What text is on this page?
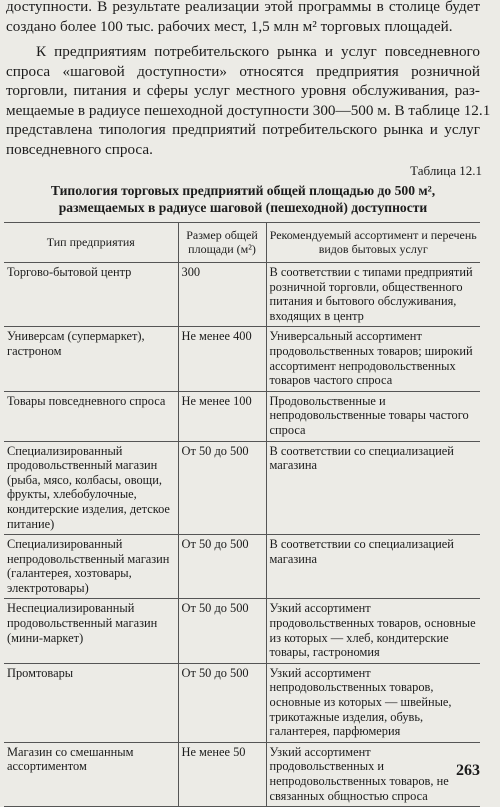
доступности. В результате реализации этой программы в столице будет
создано более 100 тыс. рабочих мест, 1,5 млн м² торговых площадей.

К предприятиям потребительского рынка и услуг повседневного
спроса «шаговой доступности» относятся предприятия розничной
торговли, питания и сферы услуг местного уровня обслуживания, раз-
мещаемые в радиусе пешеходной доступности 300—500 м. В таблице 12.1
представлена типология предприятий потребительского рынка и услуг
повседневного спроса.

Таблица 12.1

Типология торговых предприятий общей площадью до 500 м²,
размещаемых в радиусе шаговой (пешеходной) доступности

Тип предприятия	Размер общей площади (м²)	Рекомендуемый ассортимент и перечень видов бытовых услуг
Торгово-бытовой центр	300	В соответствии с типами предприятий розничной торговли, общественного питания и бытового обслуживания, входящих в центр
Универсам (супермаркет), гастроном	Не менее 400	Универсальный ассортимент продовольственных товаров; широкий ассортимент непродовольственных товаров частого спроса
Товары повседневного спроса	Не менее 100	Продовольственные и непродовольственные товары частого спроса
Специализированный продовольственный магазин (рыба, мясо, колбасы, овощи, фрукты, хлебобулочные, кондитерские изделия, детское питание)	От 50 до 500	В соответствии со специализацией магазина
Специализированный непродовольственный магазин (галантерея, хозтовары, электротовары)	От 50 до 500	В соответствии со специализацией магазина
Неспециализированный продовольственный магазин (мини-маркет)	От 50 до 500	Узкий ассортимент продовольственных товаров, основные из которых — хлеб, кондитерские товары, гастрономия
Промтовары	От 50 до 500	Узкий ассортимент непродовольственных товаров, основные из которых — швейные, трикотажные изделия, обувь, галантерея, парфюмерия
Магазин со смешанным ассортиментом	Не менее 50	Узкий ассортимент продовольственных и непродовольственных товаров, не связанных общностью спроса
263
